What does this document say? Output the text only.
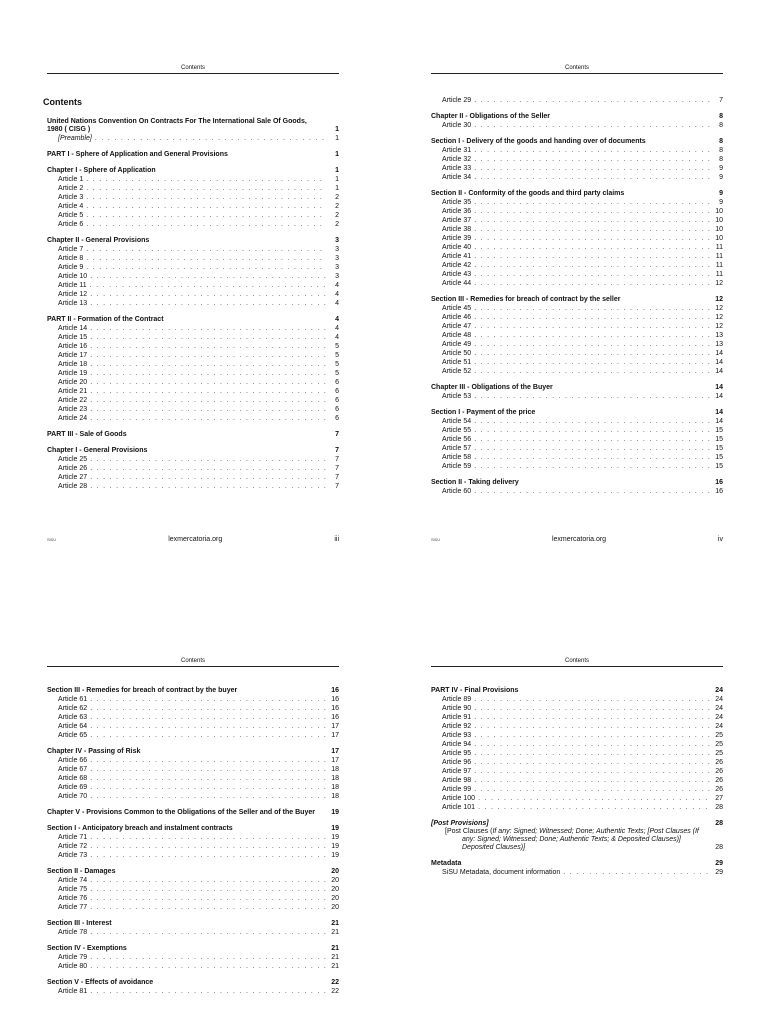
Contents
Contents
United Nations Convention On Contracts For The International Sale Of Goods, 1980 ( CISG )	1
[Preamble] . . .	1
PART I - Sphere of Application and General Provisions	1
Chapter I - Sphere of Application	1
Article 1 . . .	1
Article 2 . . .	1
Article 3 . . .	2
Article 4 . . .	2
Article 5 . . .	2
Article 6 . . .	2
Chapter II - General Provisions	3
Article 7 . . .	3
Article 8 . . .	3
Article 9 . . .	3
Article 10 . . .	3
Article 11 . . .	4
Article 12 . . .	4
Article 13 . . .	4
PART II - Formation of the Contract	4
Article 14 . . .	4
Article 15 . . .	4
Article 16 . . .	5
Article 17 . . .	5
Article 18 . . .	5
Article 19 . . .	5
Article 20 . . .	6
Article 21 . . .	6
Article 22 . . .	6
Article 23 . . .	6
Article 24 . . .	6
PART III - Sale of Goods	7
Chapter I - General Provisions	7
Article 25 . . .	7
Article 26 . . .	7
Article 27 . . .	7
Article 28 . . .	7
SiSU	lexmercatoria.org	iii
Contents
Article 29 . . .	7
Chapter II - Obligations of the Seller	8
Article 30 . . .	8
Section I - Delivery of the goods and handing over of documents	8
Article 31 . . .	8
Article 32 . . .	8
Article 33 . . .	9
Article 34 . . .	9
Section II - Conformity of the goods and third party claims	9
Article 35 . . .	9
Article 36 . . .	10
Article 37 . . .	10
Article 38 . . .	10
Article 39 . . .	10
Article 40 . . .	11
Article 41 . . .	11
Article 42 . . .	11
Article 43 . . .	11
Article 44 . . .	12
Section III - Remedies for breach of contract by the seller	12
Article 45 . . .	12
Article 46 . . .	12
Article 47 . . .	12
Article 48 . . .	13
Article 49 . . .	13
Article 50 . . .	14
Article 51 . . .	14
Article 52 . . .	14
Chapter III - Obligations of the Buyer	14
Article 53 . . .	14
Section I - Payment of the price	14
Article 54 . . .	14
Article 55 . . .	15
Article 56 . . .	15
Article 57 . . .	15
Article 58 . . .	15
Article 59 . . .	15
Section II - Taking delivery	16
Article 60 . . .	16
SiSU	lexmercatoria.org	iv
Contents
Section III - Remedies for breach of contract by the buyer	16
Article 61 . . .	16
Article 62 . . .	16
Article 63 . . .	16
Article 64 . . .	17
Article 65 . . .	17
Chapter IV - Passing of Risk	17
Article 66 . . .	17
Article 67 . . .	18
Article 68 . . .	18
Article 69 . . .	18
Article 70 . . .	18
Chapter V - Provisions Common to the Obligations of the Seller and of the Buyer	19
Section I - Anticipatory breach and instalment contracts	19
Article 71 . . .	19
Article 72 . . .	19
Article 73 . . .	19
Section II - Damages	20
Article 74 . . .	20
Article 75 . . .	20
Article 76 . . .	20
Article 77 . . .	20
Section III - Interest	21
Article 78 . . .	21
Section IV - Exemptions	21
Article 79 . . .	21
Article 80 . . .	21
Section V - Effects of avoidance	22
Article 81 . . .	22
Contents
PART IV - Final Provisions	24
Article 89 . . .	24
Article 90 . . .	24
Article 91 . . .	24
Article 92 . . .	24
Article 93 . . .	25
Article 94 . . .	25
Article 95 . . .	25
Article 96 . . .	26
Article 97 . . .	26
Article 98 . . .	26
Article 99 . . .	26
Article 100 . . .	27
Article 101 . . .	28
[Post Provisions]	28
[Post Clauses (If any: Signed; Witnessed; Done; Authentic Texts; [Post Clauses (If any: Signed; Witnessed; Done; Authentic Texts; & Deposited Clauses)] Deposited Clauses)]	28
Metadata	29
SiSU Metadata, document information . . .	29
